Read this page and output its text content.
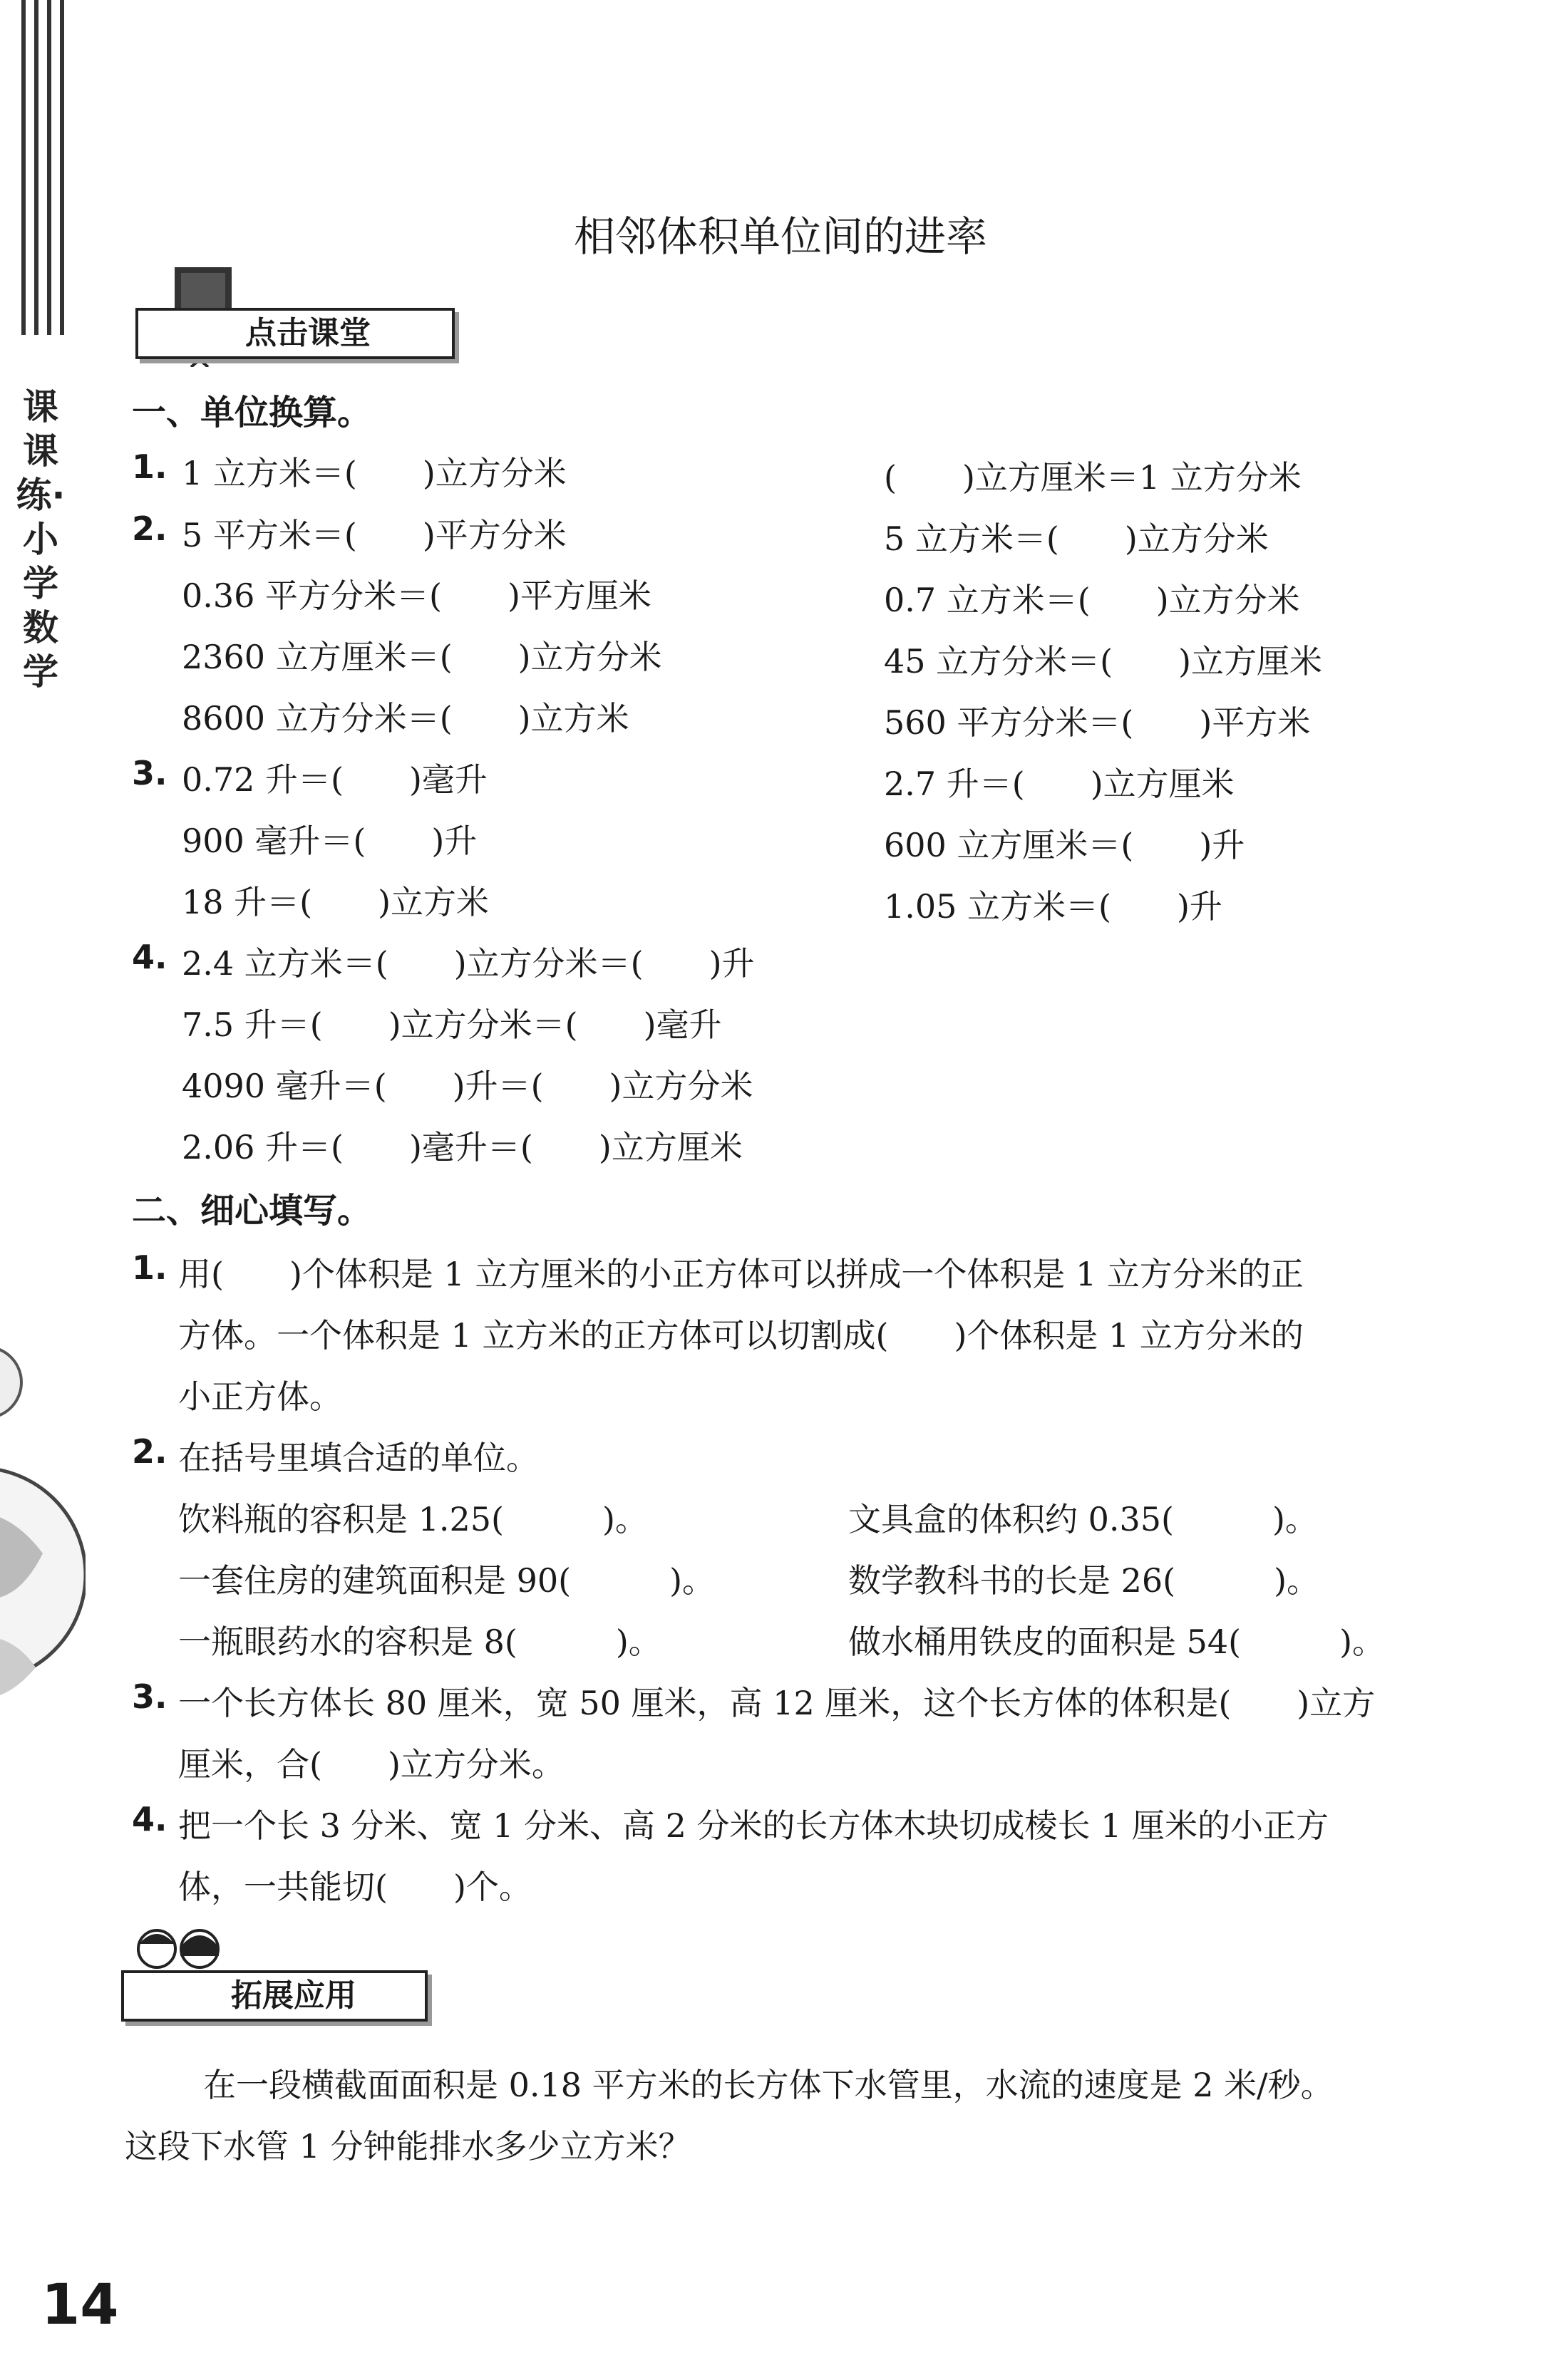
课课练·小学数学
相邻体积单位间的进率
点击课堂
一、单位换算。
1. 1 立方米＝(　　)立方分米	(　　)立方厘米＝1 立方分米
2. 5 平方米＝(　　)平方分米	5 立方米＝(　　)立方分米
0.36 平方分米＝(　　)平方厘米	0.7 立方米＝(　　)立方分米
2360 立方厘米＝(　　)立方分米	45 立方分米＝(　　)立方厘米
8600 立方分米＝(　　)立方米	560 平方分米＝(　　)平方米
3. 0.72 升＝(　　)毫升	2.7 升＝(　　)立方厘米
900 毫升＝(　　)升	600 立方厘米＝(　　)升
18 升＝(　　)立方米	1.05 立方米＝(　　)升
4. 2.4 立方米＝(　　)立方分米＝(　　)升
7.5 升＝(　　)立方分米＝(　　)毫升
4090 毫升＝(　　)升＝(　　)立方分米
2.06 升＝(　　)毫升＝(　　)立方厘米
二、细心填写。
1. 用(　　)个体积是 1 立方厘米的小正方体可以拼成一个体积是 1 立方分米的正
方体。一个体积是 1 立方米的正方体可以切割成(　　)个体积是 1 立方分米的
小正方体。
2. 在括号里填合适的单位。
饮料瓶的容积是 1.25(　　　)。	文具盒的体积约 0.35(　　　)。
一套住房的建筑面积是 90(　　　)。	数学教科书的长是 26(　　　)。
一瓶眼药水的容积是 8(　　　)。	做水桶用铁皮的面积是 54(　　　)。
3. 一个长方体长 80 厘米，宽 50 厘米，高 12 厘米，这个长方体的体积是(　　)立方
厘米，合(　　)立方分米。
4. 把一个长 3 分米、宽 1 分米、高 2 分米的长方体木块切成棱长 1 厘米的小正方
体，一共能切(　　)个。
拓展应用
在一段横截面面积是 0.18 平方米的长方体下水管里，水流的速度是 2 米/秒。
这段下水管 1 分钟能排水多少立方米？
14
